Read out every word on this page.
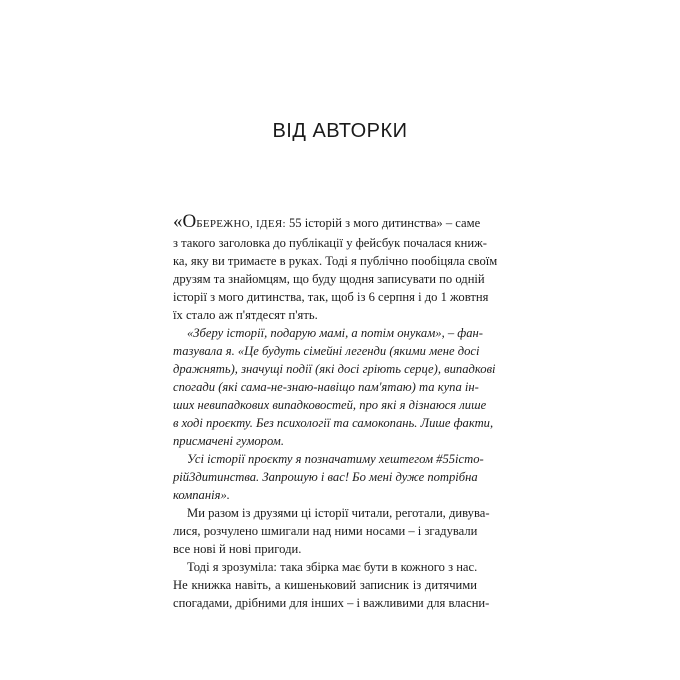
ВІД АВТОРКИ
«ОБЕРЕЖНО, ІДЕЯ: 55 історій з мого дитинства» – саме
з такого заголовка до публікації у фейсбук почалася книж-
ка, яку ви тримаєте в руках. Тоді я публічно пообіцяла своїм
друзям та знайомцям, що буду щодня записувати по одній
історії з мого дитинства, так, щоб із 6 серпня і до 1 жовтня
їх стало аж п'ятдесят п'ять.
«Зберу історії, подарую мамі, а потім онукам», – фан-
тазувала я. «Це будуть сімейні легенди (якими мене досі
дражнять), значущі події (які досі гріють серце), випадкові
спогади (які сама-не-знаю-навіщо пам'ятаю) та купа ін-
ших невипадкових випадковостей, про які я дізнаюся лише
в ході проєкту. Без психології та самокопань. Лише факти,
присмачені гумором.
Усі історії проєкту я позначатиму хештегом #55істо-
рій3дитинства. Запрошую і вас! Бо мені дуже потрібна
компанія».
Ми разом із друзями ці історії читали, реготали, дивува-
лися, розчулено шмигали над ними носами – і згадували
все нові й нові пригоди.
Тоді я зрозуміла: така збірка має бути в кожного з нас.
Не книжка навіть, а кишеньковий записник із дитячими
спогадами, дрібними для інших – і важливими для власни-
